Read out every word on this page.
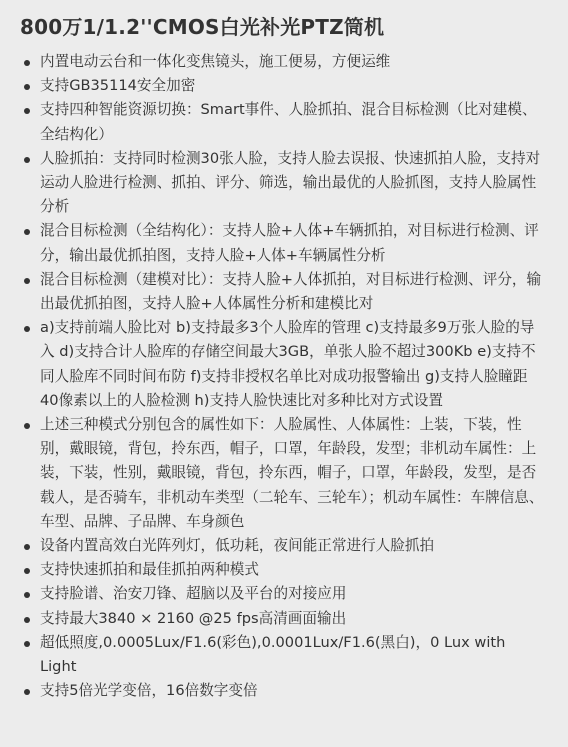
800万1/1.2''CMOS白光补光PTZ筒机
内置电动云台和一体化变焦镜头，施工便易，方便运维
支持GB35114安全加密
支持四种智能资源切换：Smart事件、人脸抓拍、混合目标检测（比对建模、全结构化）
人脸抓拍：支持同时检测30张人脸，支持人脸去误报、快速抓拍人脸，支持对运动人脸进行检测、抓拍、评分、筛选，输出最优的人脸抓图，支持人脸属性分析
混合目标检测（全结构化）：支持人脸+人体+车辆抓拍，对目标进行检测、评分，输出最优抓拍图，支持人脸+人体+车辆属性分析
混合目标检测（建模对比）：支持人脸+人体抓拍，对目标进行检测、评分，输出最优抓拍图，支持人脸+人体属性分析和建模比对
a)支持前端人脸比对 b)支持最多3个人脸库的管理 c)支持最多9万张人脸的导入 d)支持合计人脸库的存储空间最大3GB，单张人脸不超过300Kb e)支持不同人脸库不同时间布防 f)支持非授权名单比对成功报警输出 g)支持人脸瞳距40像素以上的人脸检测 h)支持人脸快速比对多种比对方式设置
上述三种模式分别包含的属性如下：人脸属性、人体属性：上装，下装，性别，戴眼镜，背包，拎东西，帽子，口罩，年龄段，发型；非机动车属性：上装，下装，性别，戴眼镜，背包，拎东西，帽子，口罩，年龄段，发型，是否载人，是否骑车，非机动车类型（二轮车、三轮车）；机动车属性：车牌信息、车型、品牌、子品牌、车身颜色
设备内置高效白光阵列灯，低功耗，夜间能正常进行人脸抓拍
支持快速抓拍和最佳抓拍两种模式
支持脸谱、治安刀锋、超脑以及平台的对接应用
支持最大3840 × 2160 @25 fps高清画面输出
超低照度,0.0005Lux/F1.6(彩色),0.0001Lux/F1.6(黑白)，0 Lux with Light
支持5倍光学变倍，16倍数字变倍
